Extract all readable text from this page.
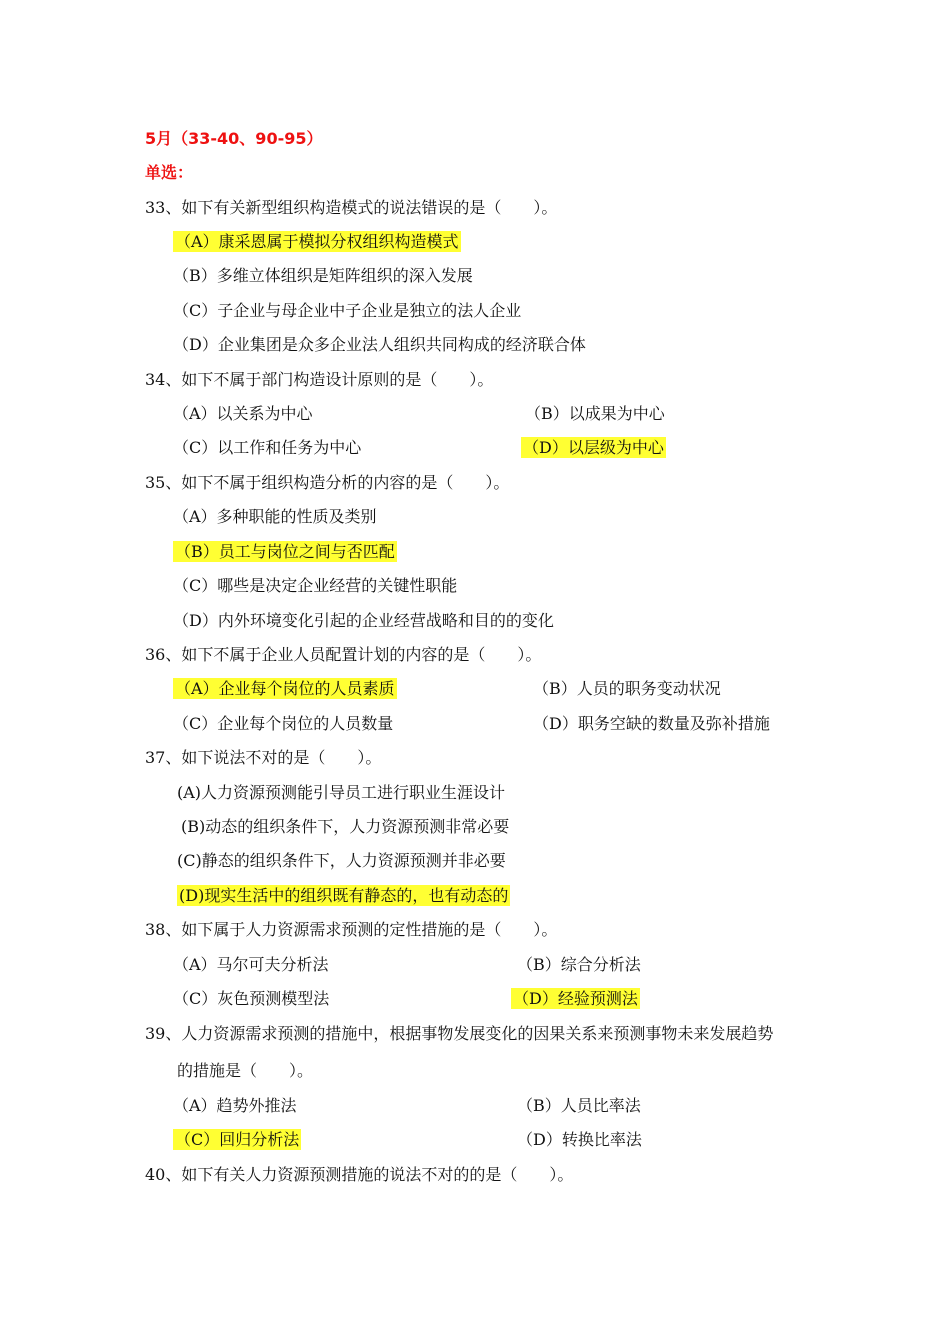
5月（33-40、90-95）
单选：
33、如下有关新型组织构造模式的说法错误的是（　　）。
（A）康采恩属于模拟分权组织构造模式
（B）多维立体组织是矩阵组织的深入发展
（C）子企业与母企业中子企业是独立的法人企业
（D）企业集团是众多企业法人组织共同构成的经济联合体
34、如下不属于部门构造设计原则的是（　　）。
（A）以关系为中心	（B）以成果为中心
（C）以工作和任务为中心	（D）以层级为中心
35、如下不属于组织构造分析的内容的是（　　）。
（A）多种职能的性质及类别
（B）员工与岗位之间与否匹配
（C）哪些是决定企业经营的关键性职能
（D）内外环境变化引起的企业经营战略和目的的变化
36、如下不属于企业人员配置计划的内容的是（　　）。
（A）企业每个岗位的人员素质	（B）人员的职务变动状况
（C）企业每个岗位的人员数量	（D）职务空缺的数量及弥补措施
37、如下说法不对的是（　　）。
(A)人力资源预测能引导员工进行职业生涯设计
(B)动态的组织条件下，人力资源预测非常必要
(C)静态的组织条件下，人力资源预测并非必要
(D)现实生活中的组织既有静态的，也有动态的
38、如下属于人力资源需求预测的定性措施的是（　　）。
（A）马尔可夫分析法	（B）综合分析法
（C）灰色预测模型法	（D）经验预测法
39、人力资源需求预测的措施中，根据事物发展变化的因果关系来预测事物未来发展趋势
的措施是（　　）。
（A）趋势外推法	（B）人员比率法
（C）回归分析法	（D）转换比率法
40、如下有关人力资源预测措施的说法不对的的是（　　）。
